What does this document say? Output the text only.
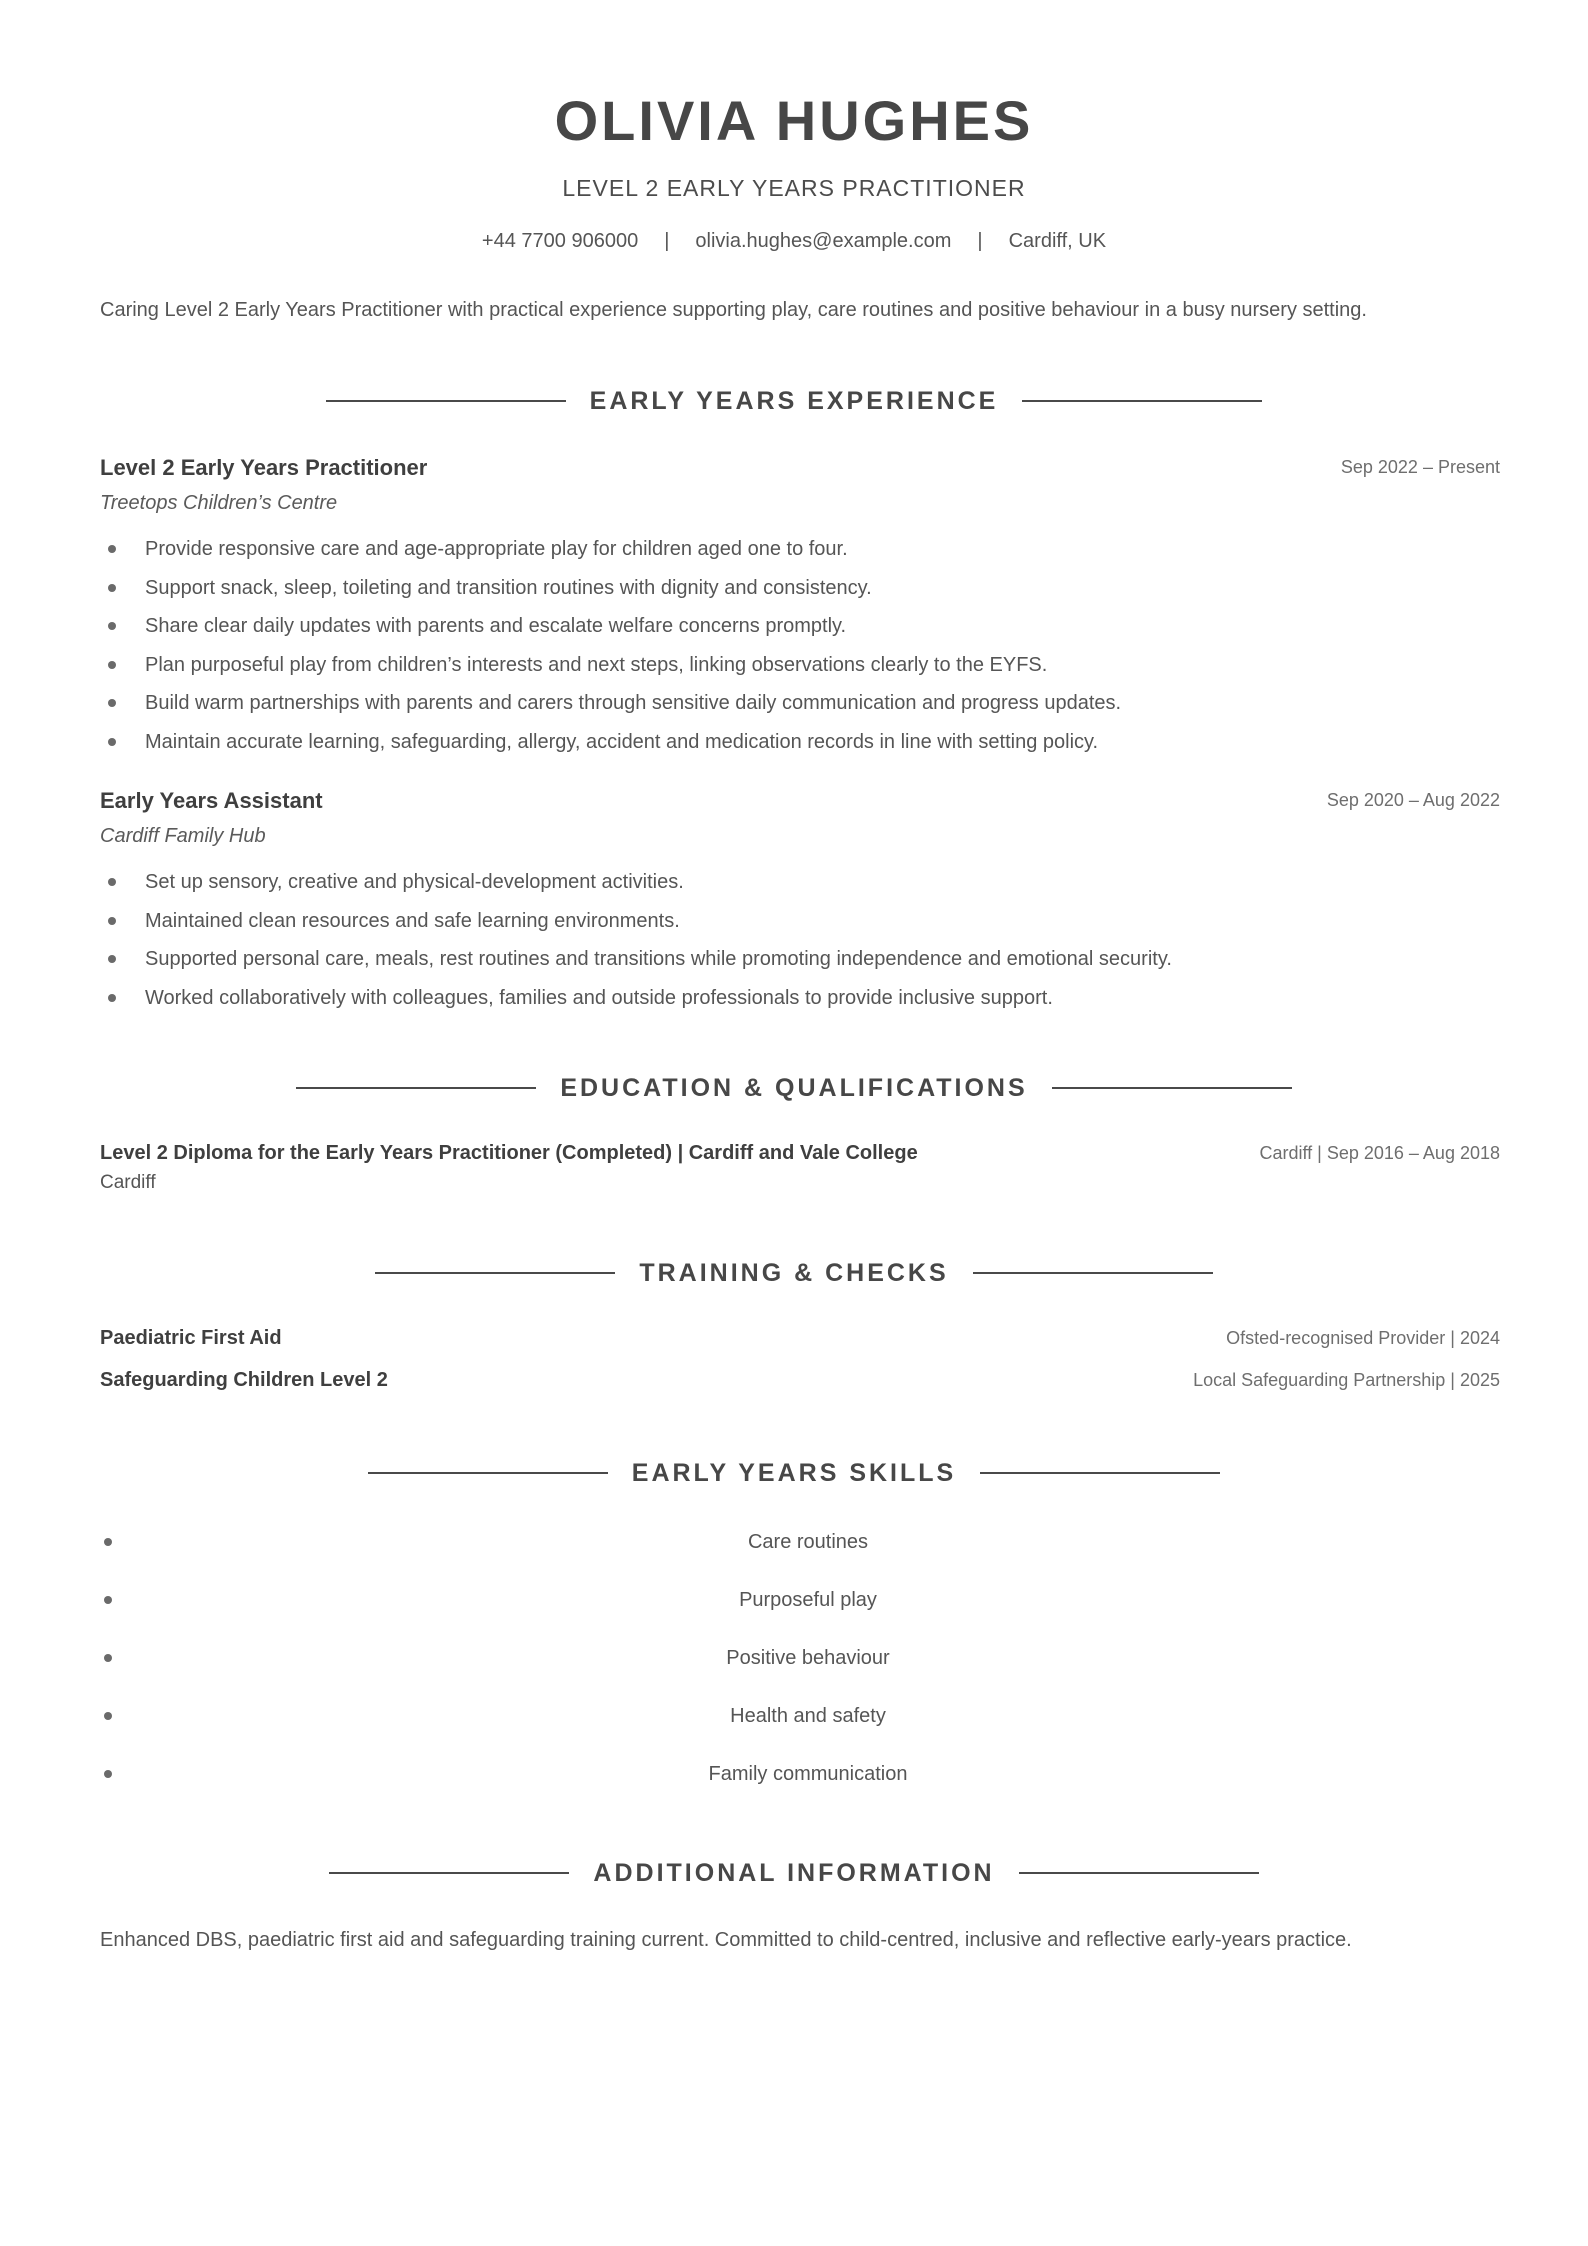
OLIVIA HUGHES
LEVEL 2 EARLY YEARS PRACTITIONER
+44 7700 906000 | olivia.hughes@example.com | Cardiff, UK
Caring Level 2 Early Years Practitioner with practical experience supporting play, care routines and positive behaviour in a busy nursery setting.
EARLY YEARS EXPERIENCE
Level 2 Early Years Practitioner	Sep 2022 – Present
Treetops Children’s Centre
Provide responsive care and age-appropriate play for children aged one to four.
Support snack, sleep, toileting and transition routines with dignity and consistency.
Share clear daily updates with parents and escalate welfare concerns promptly.
Plan purposeful play from children’s interests and next steps, linking observations clearly to the EYFS.
Build warm partnerships with parents and carers through sensitive daily communication and progress updates.
Maintain accurate learning, safeguarding, allergy, accident and medication records in line with setting policy.
Early Years Assistant	Sep 2020 – Aug 2022
Cardiff Family Hub
Set up sensory, creative and physical-development activities.
Maintained clean resources and safe learning environments.
Supported personal care, meals, rest routines and transitions while promoting independence and emotional security.
Worked collaboratively with colleagues, families and outside professionals to provide inclusive support.
EDUCATION & QUALIFICATIONS
Level 2 Diploma for the Early Years Practitioner (Completed) | Cardiff and Vale College	Cardiff | Sep 2016 – Aug 2018
Cardiff
TRAINING & CHECKS
Paediatric First Aid	Ofsted-recognised Provider | 2024
Safeguarding Children Level 2	Local Safeguarding Partnership | 2025
EARLY YEARS SKILLS
Care routines
Purposeful play
Positive behaviour
Health and safety
Family communication
ADDITIONAL INFORMATION
Enhanced DBS, paediatric first aid and safeguarding training current. Committed to child-centred, inclusive and reflective early-years practice.
